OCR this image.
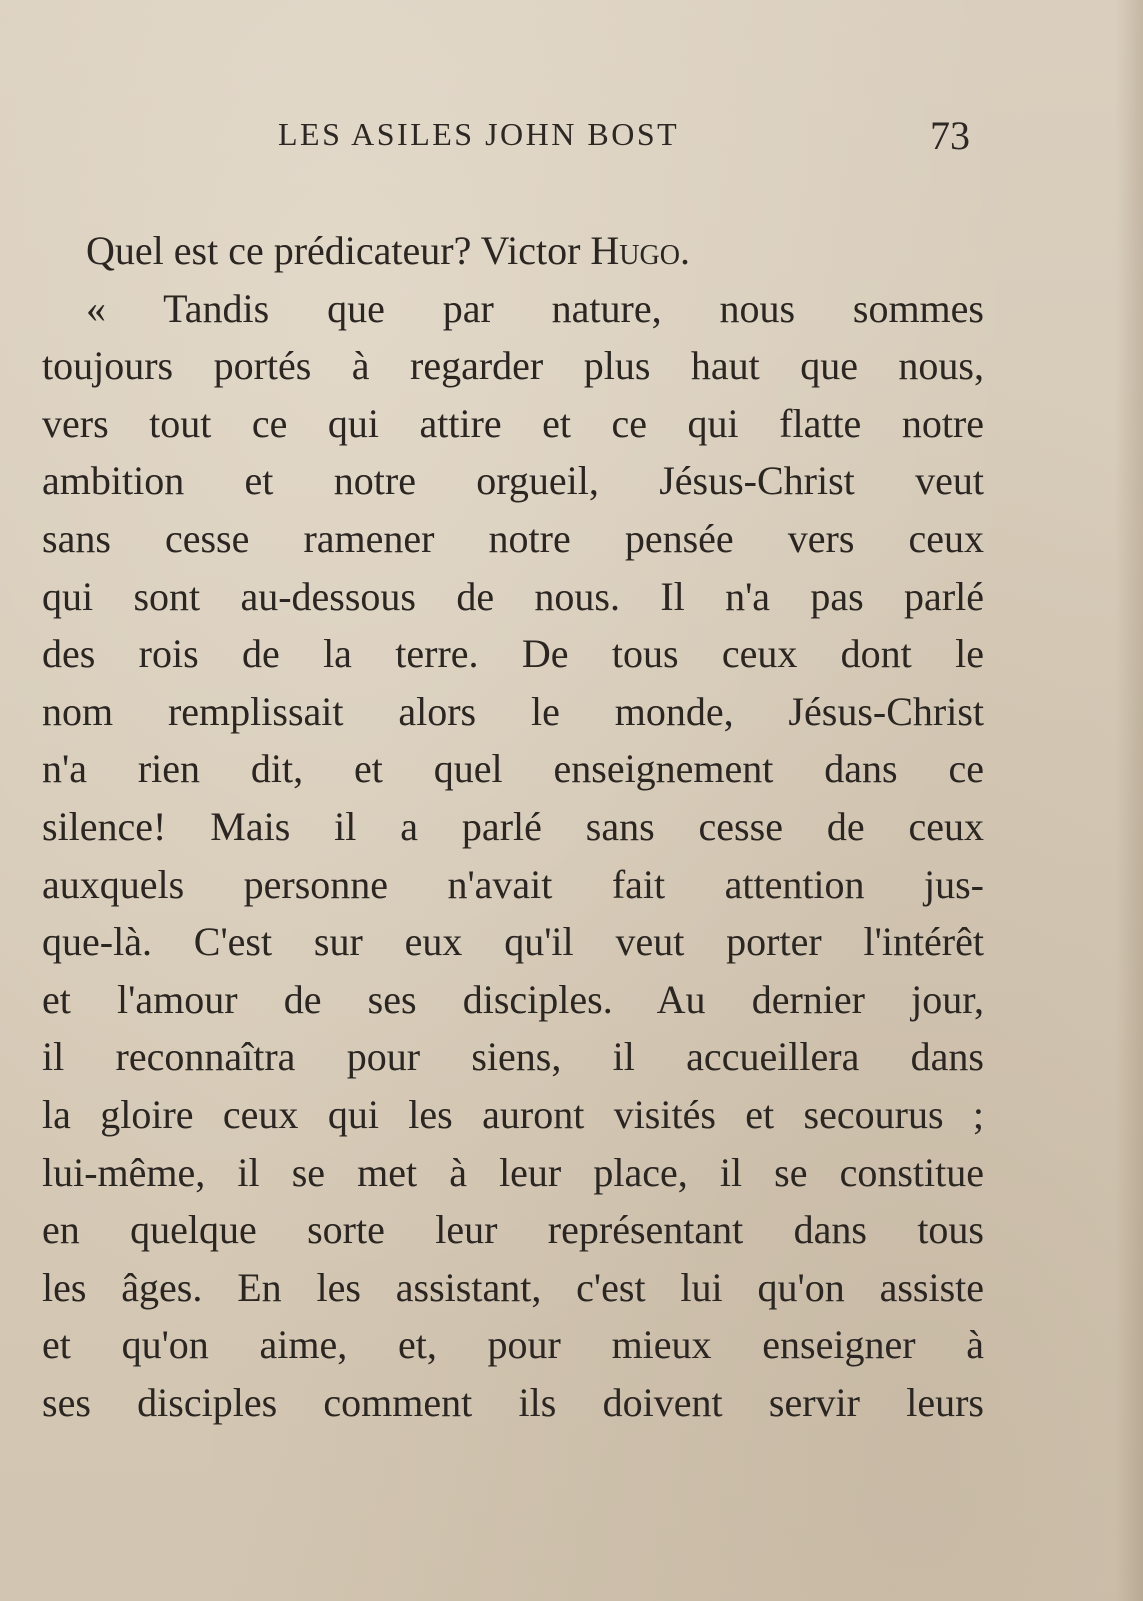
LES ASILES JOHN BOST	73
Quel est ce prédicateur? Victor Hugo.
« Tandis que par nature, nous sommes
toujours portés à regarder plus haut que nous,
vers tout ce qui attire et ce qui flatte notre
ambition et notre orgueil, Jésus-Christ veut
sans cesse ramener notre pensée vers ceux
qui sont au-dessous de nous. Il n'a pas parlé
des rois de la terre. De tous ceux dont le
nom remplissait alors le monde, Jésus-Christ
n'a rien dit, et quel enseignement dans ce
silence! Mais il a parlé sans cesse de ceux
auxquels personne n'avait fait attention jus-
que-là. C'est sur eux qu'il veut porter l'intérêt
et l'amour de ses disciples. Au dernier jour,
il reconnaîtra pour siens, il accueillera dans
la gloire ceux qui les auront visités et secourus ;
lui-même, il se met à leur place, il se constitue
en quelque sorte leur représentant dans tous
les âges. En les assistant, c'est lui qu'on assiste
et qu'on aime, et, pour mieux enseigner à
ses disciples comment ils doivent servir leurs
